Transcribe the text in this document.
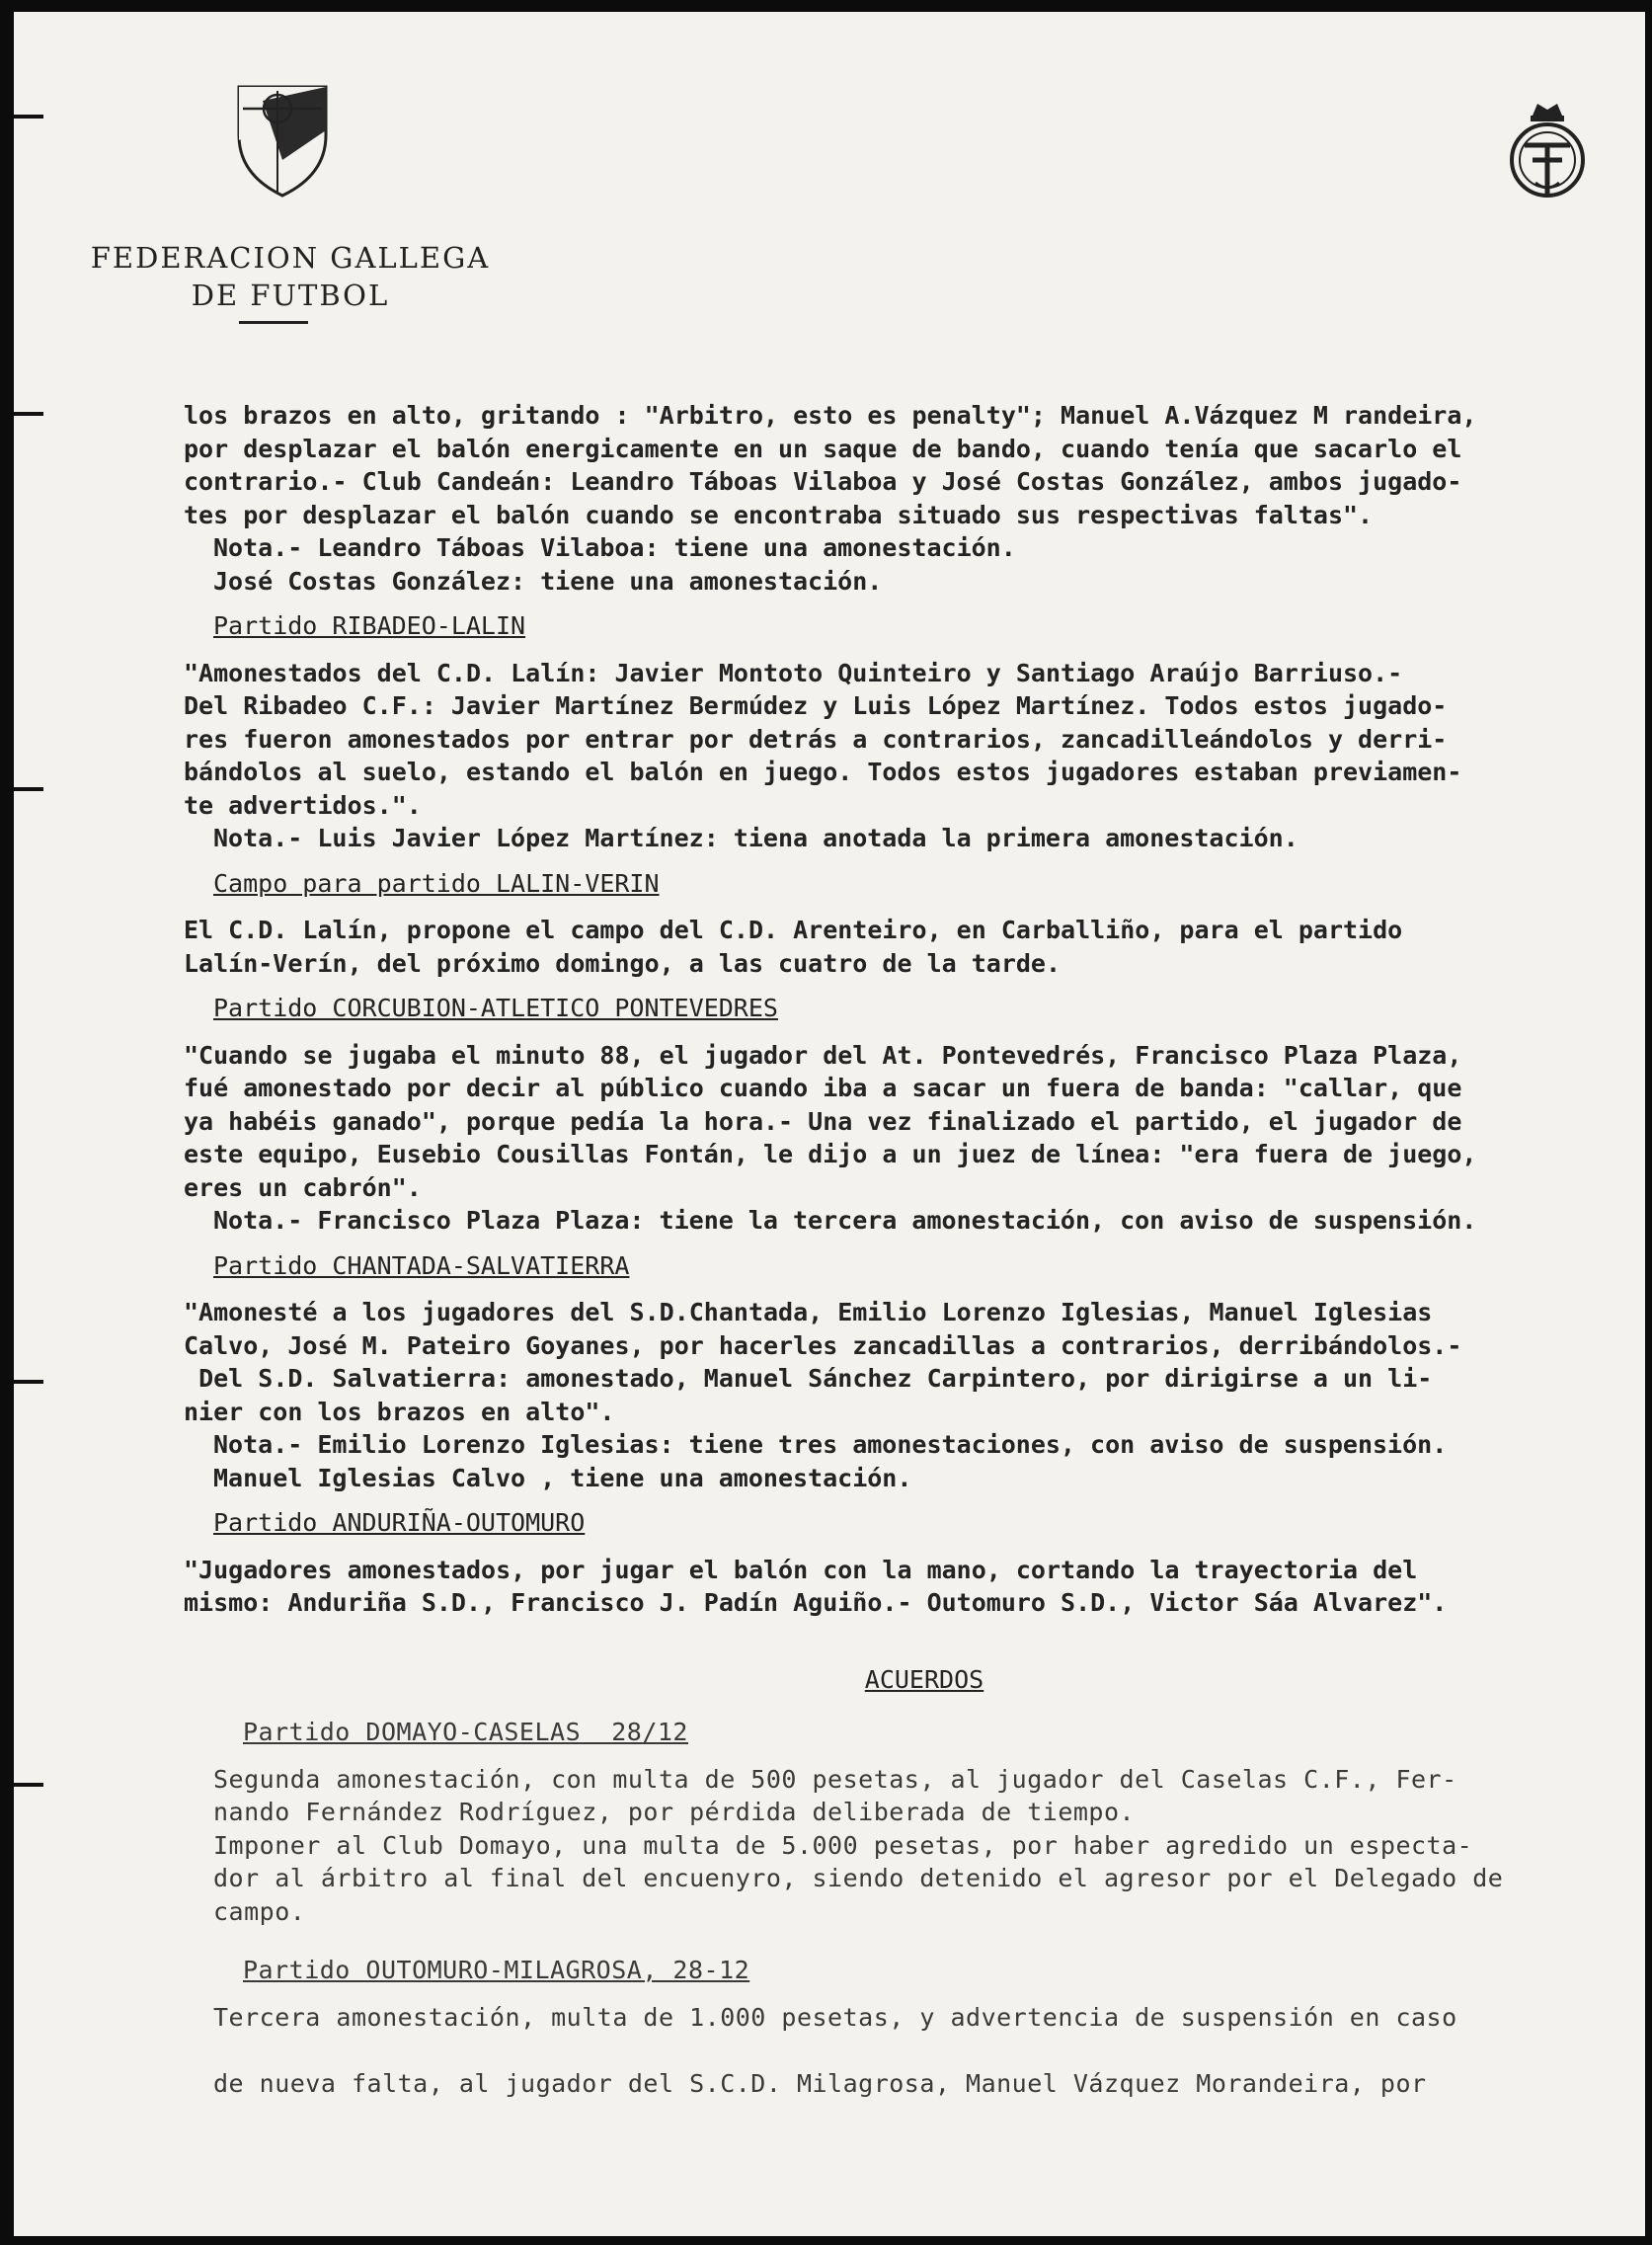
FEDERACION GALLEGA
DE FUTBOL

los brazos en alto, gritando : "Arbitro, esto es penalty"; Manuel A.Vázquez M randeira,
por desplazar el balón energicamente en un saque de bando, cuando tenía que sacarlo el
contrario.- Club Candeán: Leandro Táboas Vilaboa y José Costas González, ambos jugado-
tes por desplazar el balón cuando se encontraba situado sus respectivas faltas".

Nota.- Leandro Táboas Vilaboa: tiene una amonestación.

José Costas González: tiene una amonestación.

Partido RIBADEO-LALIN

"Amonestados del C.D. Lalín: Javier Montoto Quinteiro y Santiago Araújo Barriuso.-
Del Ribadeo C.F.: Javier Martínez Bermúdez y Luis López Martínez. Todos estos jugado-
res fueron amonestados por entrar por detrás a contrarios, zancadilleándolos y derri-
bándolos al suelo, estando el balón en juego. Todos estos jugadores estaban previamen-
te advertidos.".

Nota.- Luis Javier López Martínez: tiena anotada la primera amonestación.

Campo para partido LALIN-VERIN

El C.D. Lalín, propone el campo del C.D. Arenteiro, en Carballiño, para el partido
Lalín-Verín, del próximo domingo, a las cuatro de la tarde.

Partido CORCUBION-ATLETICO PONTEVEDRES

"Cuando se jugaba el minuto 88, el jugador del At. Pontevedrés, Francisco Plaza Plaza,
fué amonestado por decir al público cuando iba a sacar un fuera de banda: "callar, que
ya habéis ganado", porque pedía la hora.- Una vez finalizado el partido, el jugador de
este equipo, Eusebio Cousillas Fontán, le dijo a un juez de línea: "era fuera de juego,
eres un cabrón".

Nota.- Francisco Plaza Plaza: tiene la tercera amonestación, con aviso de suspensión.

Partido CHANTADA-SALVATIERRA

"Amonesté a los jugadores del S.D.Chantada, Emilio Lorenzo Iglesias, Manuel Iglesias
Calvo, José M. Pateiro Goyanes, por hacerles zancadillas a contrarios, derribándolos.-
Del S.D. Salvatierra: amonestado, Manuel Sánchez Carpintero, por dirigirse a un li-
nier con los brazos en alto".

Nota.- Emilio Lorenzo Iglesias: tiene tres amonestaciones, con aviso de suspensión.

Manuel Iglesias Calvo , tiene una amonestación.

Partido ANDURIÑA-OUTOMURO

"Jugadores amonestados, por jugar el balón con la mano, cortando la trayectoria del
mismo: Anduriña S.D., Francisco J. Padín Aguiño.- Outomuro S.D., Victor Sáa Alvarez".

ACUERDOS

Partido DOMAYO-CASELAS  28/12

Segunda amonestación, con multa de 500 pesetas, al jugador del Caselas C.F., Fer-
nando Fernández Rodríguez, por pérdida deliberada de tiempo.

Imponer al Club Domayo, una multa de 5.000 pesetas, por haber agredido un especta-
dor al árbitro al final del encuenyro, siendo detenido el agresor por el Delegado de
campo.

Partido OUTOMURO-MILAGROSA, 28-12

Tercera amonestación, multa de 1.000 pesetas, y advertencia de suspensión en caso

de nueva falta, al jugador del S.C.D. Milagrosa, Manuel Vázquez Morandeira, por
